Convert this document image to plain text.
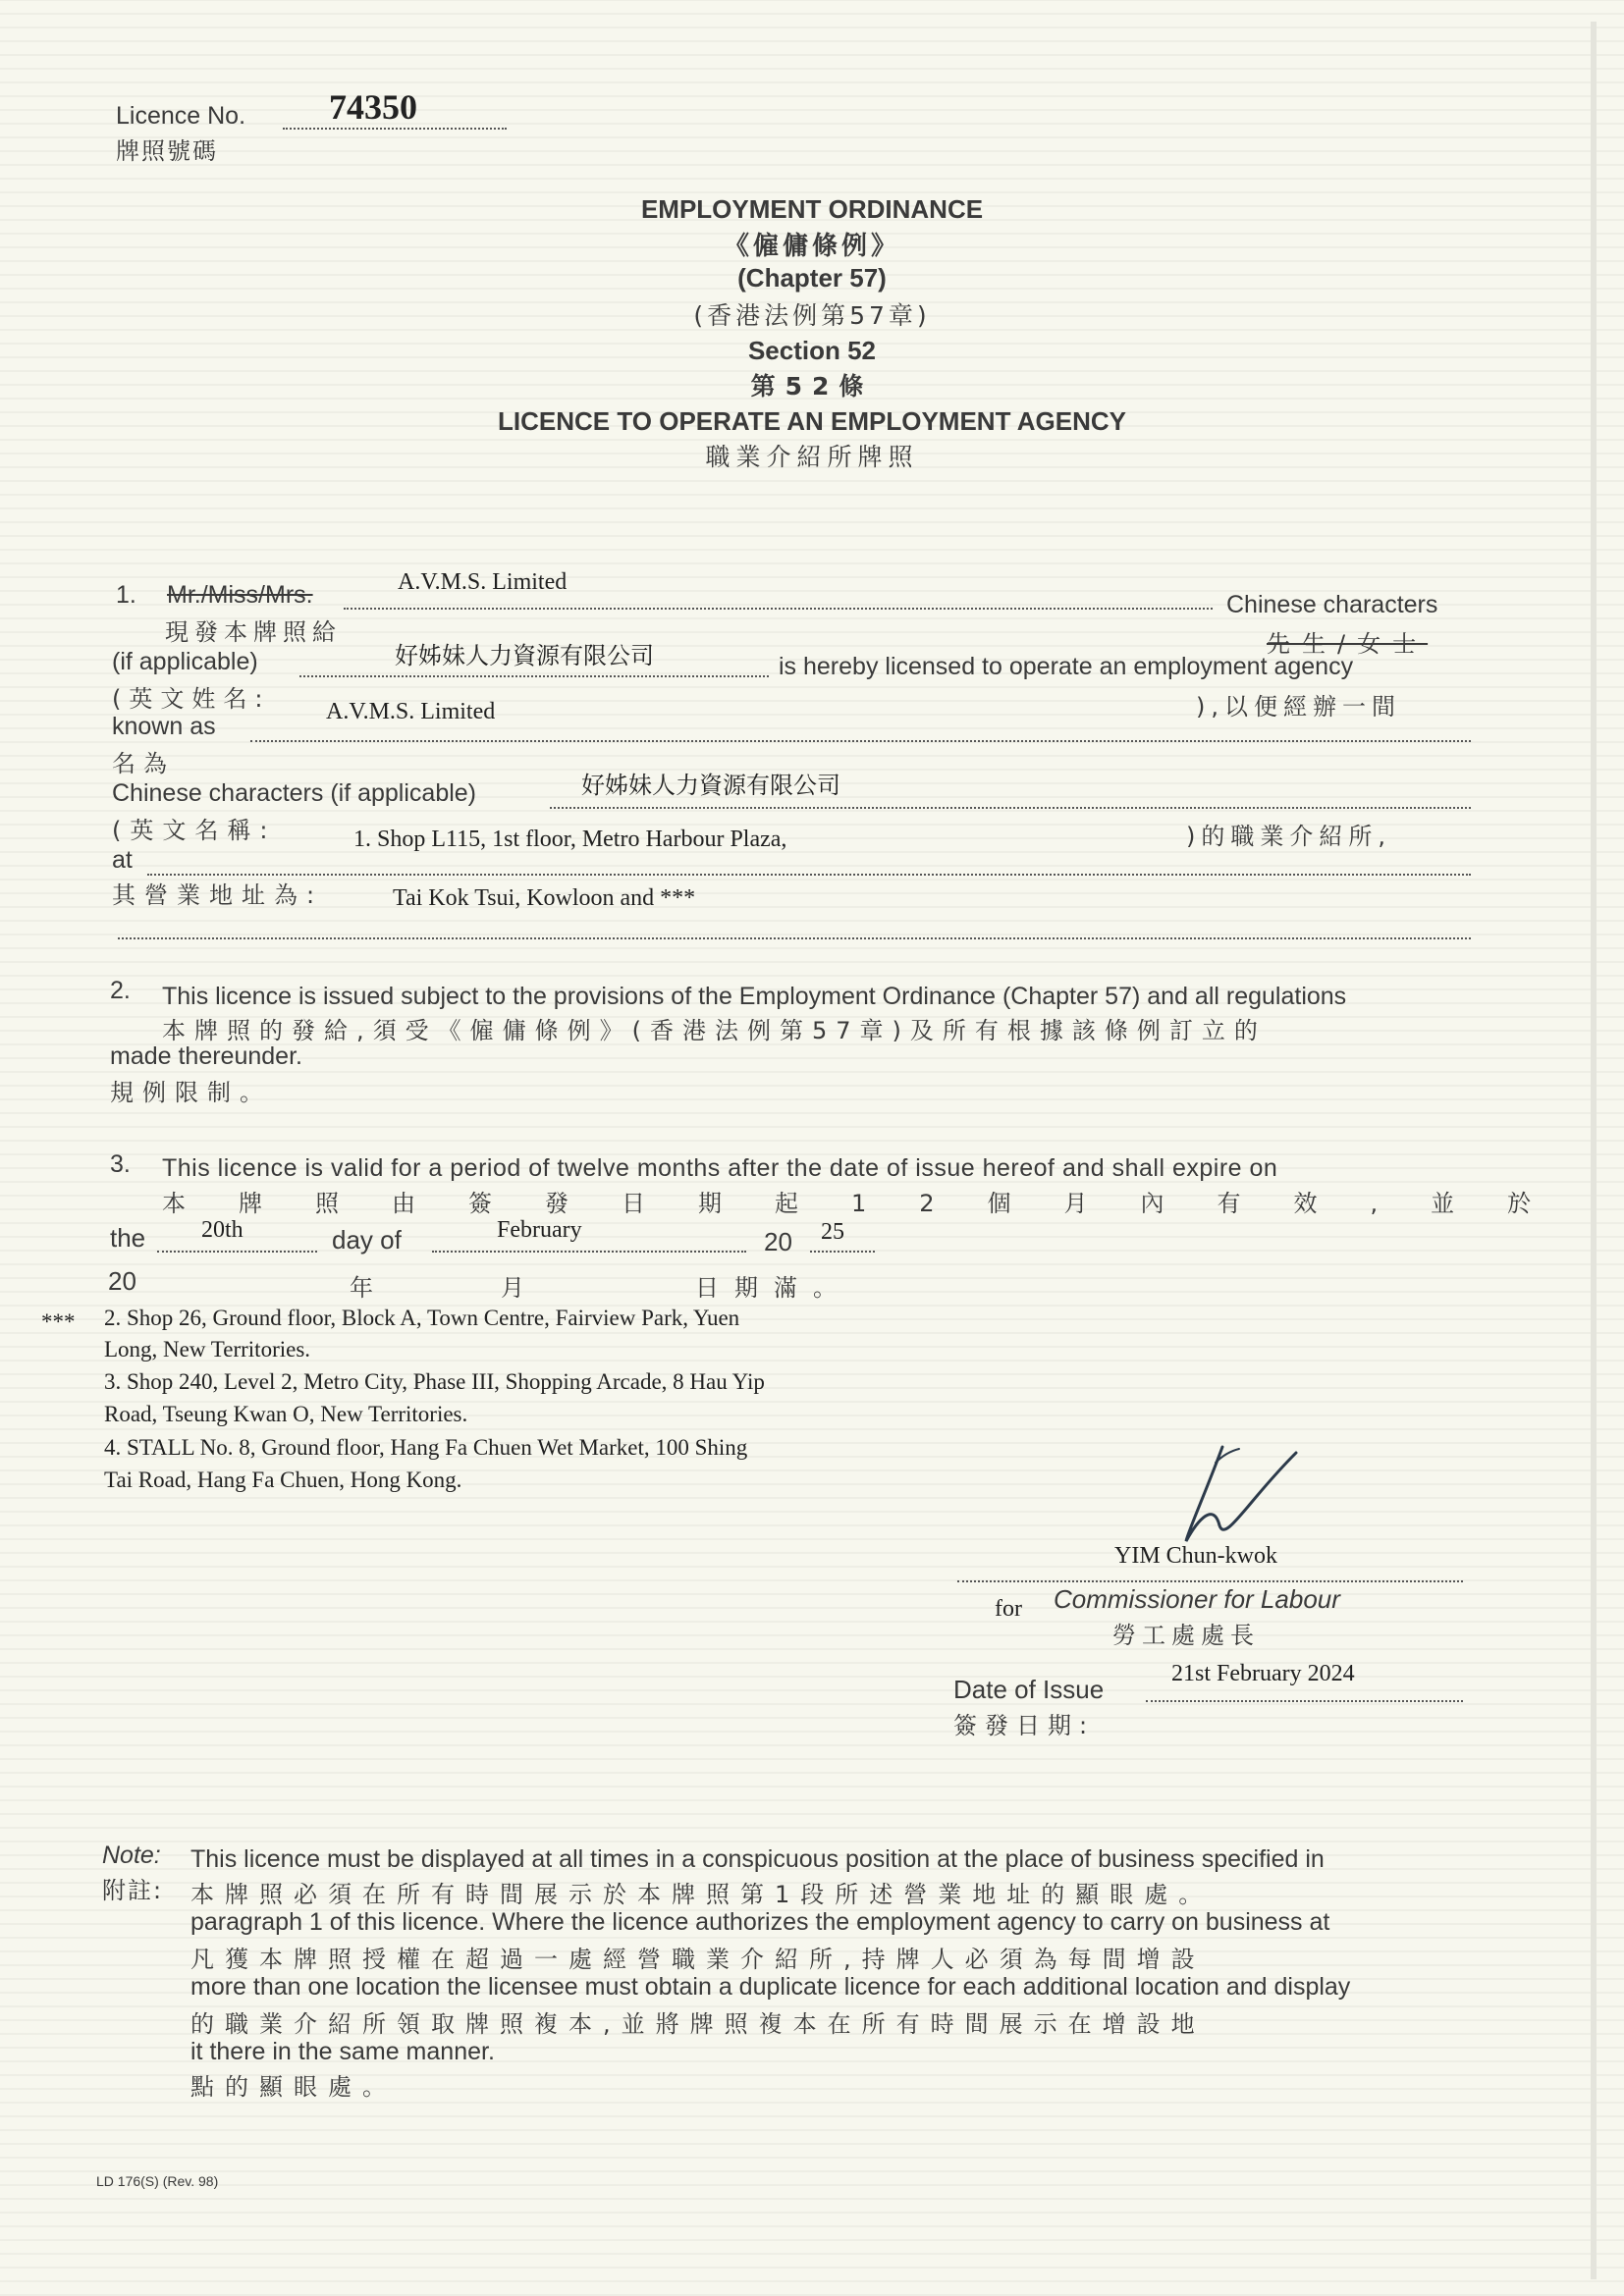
Licence No.
牌照號碼
74350
EMPLOYMENT ORDINANCE
《僱傭條例》
(Chapter 57)
(香港法例第57章)
Section 52
第52條
LICENCE TO OPERATE AN EMPLOYMENT AGENCY
職業介紹所牌照
1. Mr./Miss/Mrs.	A.V.M.S. Limited
Chinese characters
現發本牌照給	先生/女士
(if applicable)	好姊妹人力資源有限公司	is hereby licensed to operate an employment agency
(英文姓名:	),以便經辦一間
known as
A.V.M.S. Limited
名為
Chinese characters (if applicable)	好姊妹人力資源有限公司
(英文名稱:	)的職業介紹所,
1. Shop L115, 1st floor, Metro Harbour Plaza,
at
其營業地址為:	Tai Kok Tsui, Kowloon and ***
2. This licence is issued subject to the provisions of the Employment Ordinance (Chapter 57) and all regulations
本牌照的發給,須受《僱傭條例》(香港法例第57章)及所有根據該條例訂立的
made thereunder.
規例限制。
3. This licence is valid for a period of twelve months after the date of issue hereof and shall expire on
本牌照由簽發日期起12個月內有效,並於
the 20th	day of	February	20 25
20	年	月	日期滿。
*** 2. Shop 26, Ground floor, Block A, Town Centre, Fairview Park, Yuen
Long, New Territories.
3. Shop 240, Level 2, Metro City, Phase III, Shopping Arcade, 8 Hau Yip
Road, Tseung Kwan O, New Territories.
4. STALL No. 8, Ground floor, Hang Fa Chuen Wet Market, 100 Shing
Tai Road, Hang Fa Chuen, Hong Kong.
YIM Chun-kwok
for Commissioner for Labour
勞工處處長
Date of Issue
21st February 2024
簽發日期:
Note:
附註:
This licence must be displayed at all times in a conspicuous position at the place of business specified in
本牌照必須在所有時間展示於本牌照第1段所述營業地址的顯眼處。
paragraph 1 of this licence. Where the licence authorizes the employment agency to carry on business at
凡獲本牌照授權在超過一處經營職業介紹所,持牌人必須為每間增設
more than one location the licensee must obtain a duplicate licence for each additional location and display
的職業介紹所領取牌照複本,並將牌照複本在所有時間展示在增設地
it there in the same manner.
點的顯眼處。
LD 176(S) (Rev. 98)
